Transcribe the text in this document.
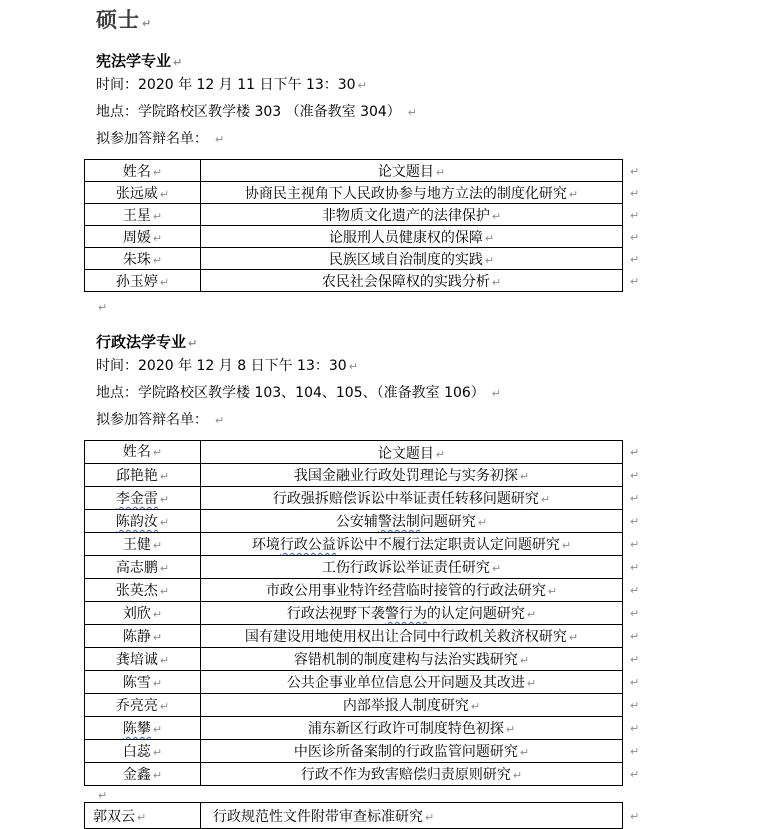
硕士 ↵
宪法学专业 ↵

时间：2020 年 12 月 11 日下午 13：30 ↵

地点：学院路校区教学楼 303 （准备教室 304） ↵

拟参加答辩名单： ↵

姓名 ↵	论文题目 ↵	↵
张远威 ↵	协商民主视角下人民政协参与地方立法的制度化研究 ↵	↵
王星 ↵	非物质文化遗产的法律保护 ↵	↵
周媛 ↵	论服刑人员健康权的保障 ↵	↵
朱珠 ↵	民族区域自治制度的实践 ↵	↵
孙玉婷 ↵	农民社会保障权的实践分析 ↵	↵
↵
行政法学专业 ↵

时间：2020 年 12 月 8 日下午 13：30 ↵

地点：学院路校区教学楼 103、104、105、（准备教室 106） ↵

拟参加答辩名单： ↵

姓名 ↵	论文题目 ↵	↵
邱艳艳 ↵	我国金融业行政处罚理论与实务初探 ↵	↵
李金雷 ↵	行政强拆赔偿诉讼中举证责任转移问题研究 ↵	↵
陈韵汝 ↵	公安辅警法制问题研究 ↵	↵
王健 ↵	环境行政公益诉讼中不履行法定职责认定问题研究 ↵	↵
高志鹏 ↵	工伤行政诉讼举证责任研究 ↵	↵
张英杰 ↵	市政公用事业特许经营临时接管的行政法研究 ↵	↵
刘欣 ↵	行政法视野下袭警行为的认定问题研究 ↵	↵
陈静 ↵	国有建设用地使用权出让合同中行政机关救济权研究 ↵	↵
龚培诚 ↵	容错机制的制度建构与法治实践研究 ↵	↵
陈雪 ↵	公共企事业单位信息公开问题及其改进 ↵	↵
乔亮亮 ↵	内部举报人制度研究 ↵	↵
陈攀 ↵	浦东新区行政许可制度特色初探 ↵	↵
白蕊 ↵	中医诊所备案制的行政监管问题研究 ↵	↵
金鑫 ↵	行政不作为致害赔偿归责原则研究 ↵	↵
↵
郭双云 ↵	行政规范性文件附带审查标准研究 ↵	↵
